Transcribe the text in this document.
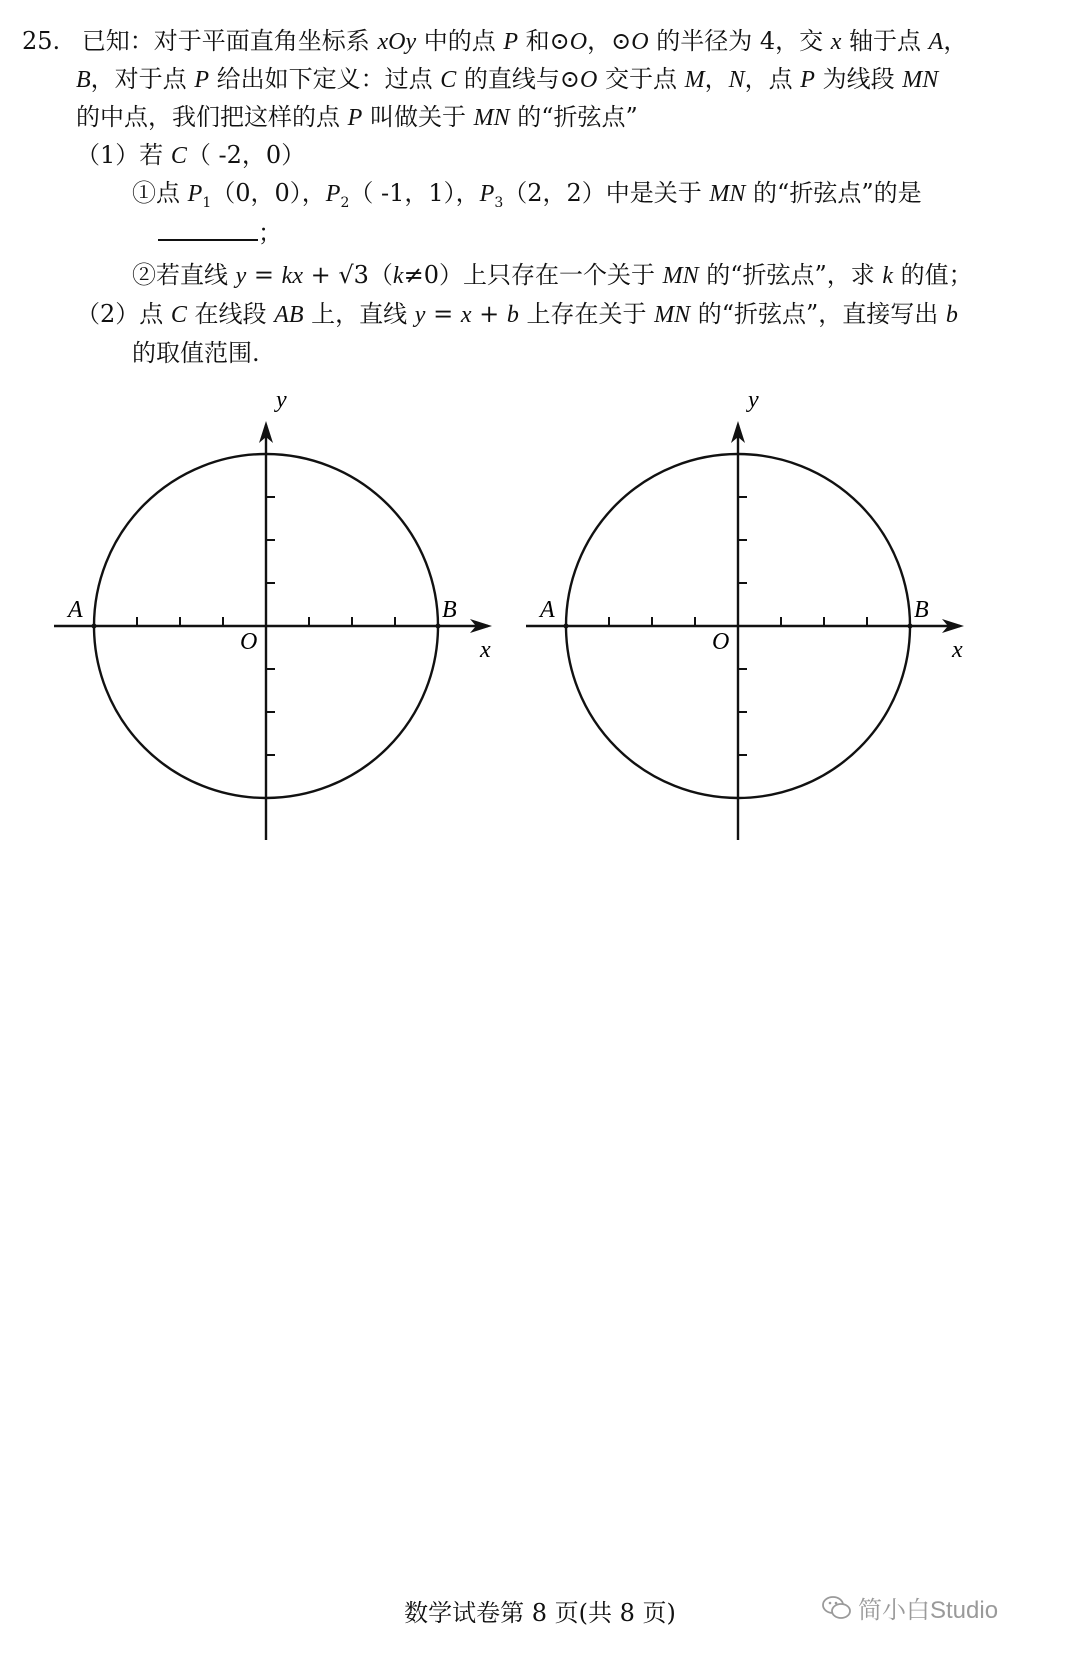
25. 已知：对于平面直角坐标系 xOy 中的点 P 和⊙O，⊙O 的半径为 4，交 x 轴于点 A，
B，对于点 P 给出如下定义：过点 C 的直线与⊙O 交于点 M，N，点 P 为线段 MN
的中点，我们把这样的点 P 叫做关于 MN 的“折弦点”
（1）若 C（ -2，0）
①点 $P_1(0$，0），$P_2$（ -1，1），$P_3(2$，2）中是关于 MN 的“折弦点”的是
；
②若直线 y = kx + √3（k≠0）上只存在一个关于 MN 的“折弦点”，求 k 的值；
（2）点 C 在线段 AB 上，直线 y = x + b 上存在关于 MN 的“折弦点”，直接写出 b
的取值范围.
y
x
A	B
O
y
x
A	B
O
数学试卷第 8 页(共 8 页)	简小白Studio
